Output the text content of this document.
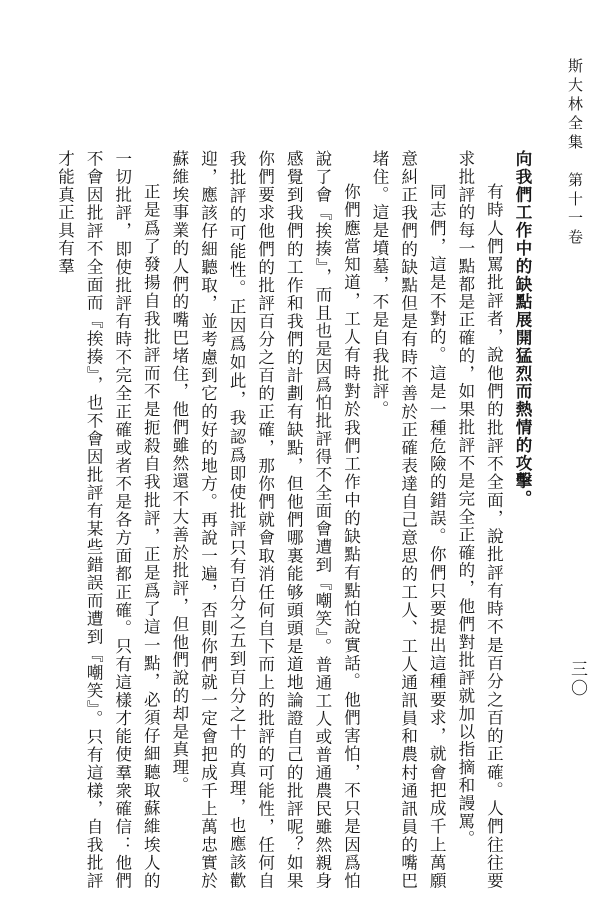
斯大林全集　第十一卷
三〇

向我們工作中的缺點展開猛烈而熱情的攻擊。

有時人們罵批評者，說他們的批評不全面，說批評有時不是百分之百的正確。人們往往要求批評的每一點都是正確的，如果批評不是完全正確的，他們對批評就加以指摘和謾罵。

同志們，這是不對的。這是一種危險的錯誤。你們只要提出這種要求，就會把成千上萬願意糾正我們的缺點但是有時不善於正確表達自己意思的工人、工人通訊員和農村通訊員的嘴巴堵住。這是墳墓，不是自我批評。

你們應當知道，工人有時對於我們工作中的缺點有點怕說實話。他們害怕，不只是因爲怕說了會『挨揍』，而且也是因爲怕批評得不全面會遭到『嘲笑』。普通工人或普通農民雖然親身感覺到我們的工作和我們的計劃有缺點，但他們哪裏能够頭頭是道地論證自己的批評呢？如果你們要求他們的批評百分之百的正確，那你們就會取消任何自下而上的批評的可能性，任何自我批評的可能性。正因爲如此，我認爲即使批評只有百分之五到百分之十的真理，也應該歡迎，應該仔細聽取，並考慮到它的好的地方。再說一遍，否則你們就一定會把成千上萬忠實於蘇維埃事業的人們的嘴巴堵住，他們雖然還不大善於批評，但他們說的却是真理。

正是爲了發揚自我批評而不是扼殺自我批評，正是爲了這一點，必須仔細聽取蘇維埃人的一切批評，即使批評有時不完全正確或者不是各方面都正確。只有這樣才能使羣衆確信：他們不會因批評不全面而『挨揍』，也不會因批評有某些錯誤而遭到『嘲笑』。只有這樣，自我批評才能真正具有羣
